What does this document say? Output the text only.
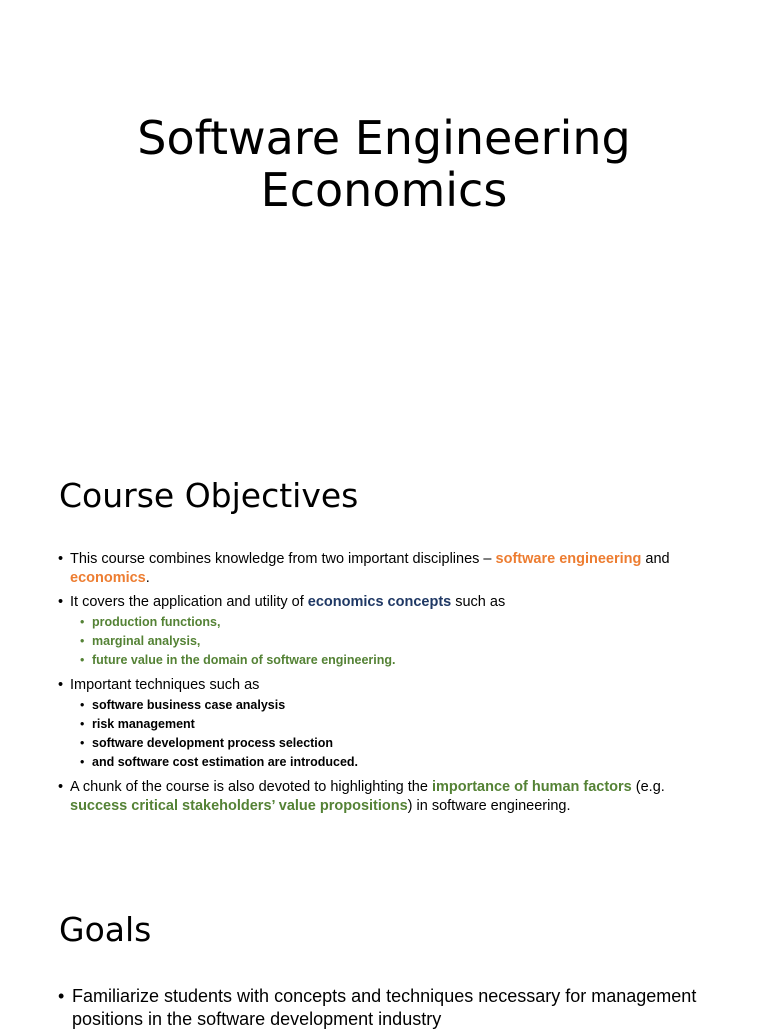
Software Engineering
Economics
Course Objectives
• This course combines knowledge from two important disciplines – software engineering and economics.
• It covers the application and utility of economics concepts such as
• production functions,
• marginal analysis,
• future value in the domain of software engineering.
• Important techniques such as
• software business case analysis
• risk management
• software development process selection
• and software cost estimation are introduced.
• A chunk of the course is also devoted to highlighting the importance of human factors (e.g. success critical stakeholders’ value propositions) in software engineering.
Goals
• Familiarize students with concepts and techniques necessary for management positions in the software development industry
